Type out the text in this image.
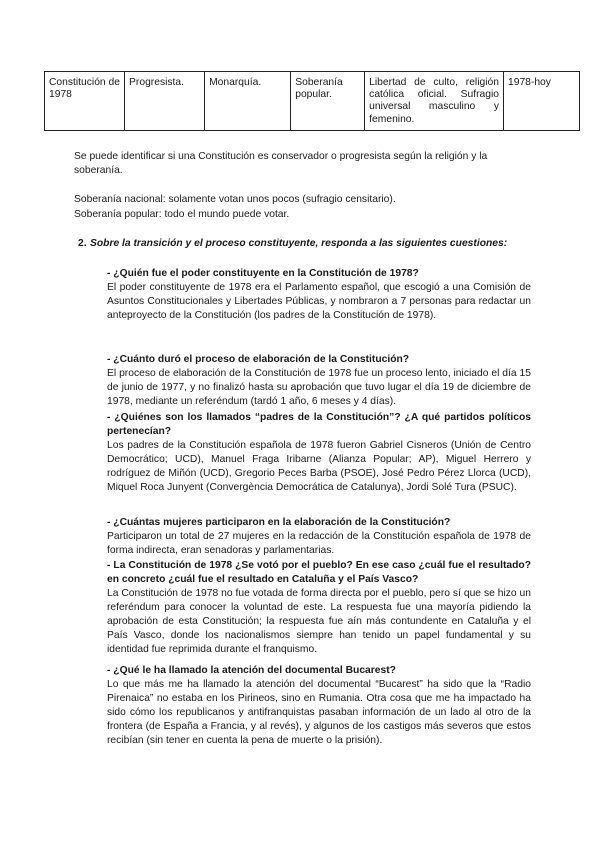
Constitución de 1978	Progresista.	Monarquía.	Soberanía popular.	Libertad de culto, religión católica oficial. Sufragio universal masculino y femenino.	1978-hoy
Se puede identificar si una Constitución es conservador o progresista según la religión y la soberanía.
Soberanía nacional: solamente votan unos pocos (sufragio censitario).
Soberanía popular: todo el mundo puede votar.
2. Sobre la transición y el proceso constituyente, responda a las siguientes cuestiones:
- ¿Quién fue el poder constituyente en la Constitución de 1978?
El poder constituyente de 1978 era el Parlamento español, que escogió a una Comisión de Asuntos Constitucionales y Libertades Públicas, y nombraron a 7 personas para redactar un anteproyecto de la Constitución (los padres de la Constitución de 1978).
- ¿Cuánto duró el proceso de elaboración de la Constitución?
El proceso de elaboración de la Constitución de 1978 fue un proceso lento, iniciado el día 15 de junio de 1977, y no finalizó hasta su aprobación que tuvo lugar el día 19 de diciembre de 1978, mediante un referéndum (tardó 1 año, 6 meses y 4 días).
- ¿Quiénes son los llamados “padres de la Constitución”? ¿A qué partidos políticos pertenecían?
Los padres de la Constitución española de 1978 fueron Gabriel Cisneros (Unión de Centro Democrático; UCD), Manuel Fraga Iribarne (Alianza Popular; AP), Miguel Herrero y rodríguez de Miñón (UCD), Gregorio Peces Barba (PSOE), José Pedro Pérez Llorca (UCD), Miquel Roca Junyent (Convergència Democrática de Catalunya), Jordi Solé Tura (PSUC).
- ¿Cuántas mujeres participaron en la elaboración de la Constitución?
Participaron un total de 27 mujeres en la redacción de la Constitución española de 1978 de forma indirecta, eran senadoras y parlamentarias.
- La Constitución de 1978 ¿Se votó por el pueblo? En ese caso ¿cuál fue el resultado? en concreto ¿cuál fue el resultado en Cataluña y el País Vasco?
La Constitución de 1978 no fue votada de forma directa por el pueblo, pero sí que se hizo un referéndum para conocer la voluntad de este. La respuesta fue una mayoría pidiendo la aprobación de esta Constitución; la respuesta fue aín más contundente en Cataluña y el País Vasco, donde los nacionalismos siempre han tenido un papel fundamental y su identidad fue reprimida durante el franquismo.
- ¿Qué le ha llamado la atención del documental Bucarest?
Lo que más me ha llamado la atención del documental “Bucarest” ha sido que la “Radio Pirenaica” no estaba en los Pirineos, sino en Rumania. Otra cosa que me ha impactado ha sido cómo los republicanos y antifranquistas pasaban información de un lado al otro de la frontera (de España a Francia, y al revés), y algunos de los castigos más severos que estos recibían (sin tener en cuenta la pena de muerte o la prisión).
